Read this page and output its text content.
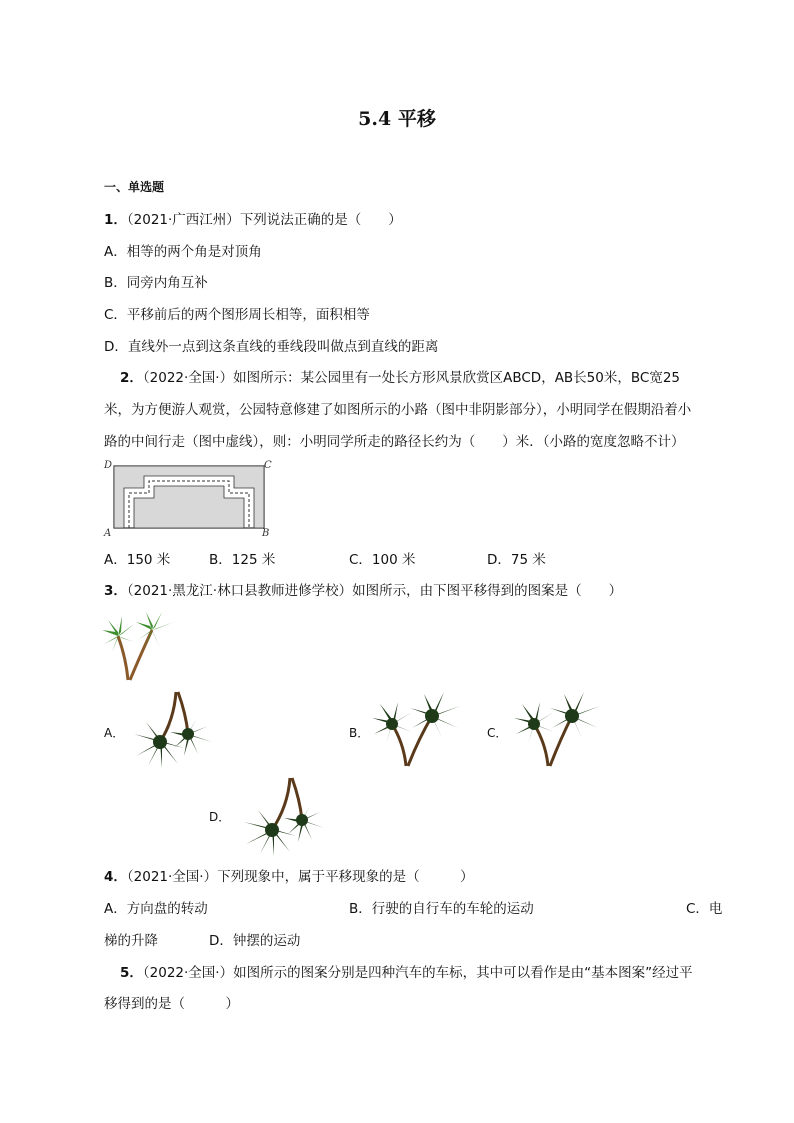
5.4 平移
一、单选题
1．（2021·广西江州）下列说法正确的是（　　）
A．相等的两个角是对顶角
B．同旁内角互补
C．平移前后的两个图形周长相等，面积相等
D．直线外一点到这条直线的垂线段叫做点到直线的距离
2．（2022·全国·）如图所示：某公园里有一处长方形风景欣赏区ABCD，AB长50米，BC宽25
米，为方便游人观赏，公园特意修建了如图所示的小路（图中非阴影部分），小明同学在假期沿着小
路的中间行走（图中虚线），则：小明同学所走的路径长约为（　　）米．（小路的宽度忽略不计）
D	C
A	B
A．150 米	B．125 米	C．100 米	D．75 米
3．（2021·黑龙江·林口县教师进修学校）如图所示，由下图平移得到的图案是（　　）
A．	B．	C．
D．
4．（2021·全国·）下列现象中，属于平移现象的是（　　　）
A．方向盘的转动	B．行驶的自行车的车轮的运动	C．电
梯的升降	D．钟摆的运动
5．（2022·全国·）如图所示的图案分别是四种汽车的车标，其中可以看作是由“基本图案”经过平
移得到的是（　　　）
